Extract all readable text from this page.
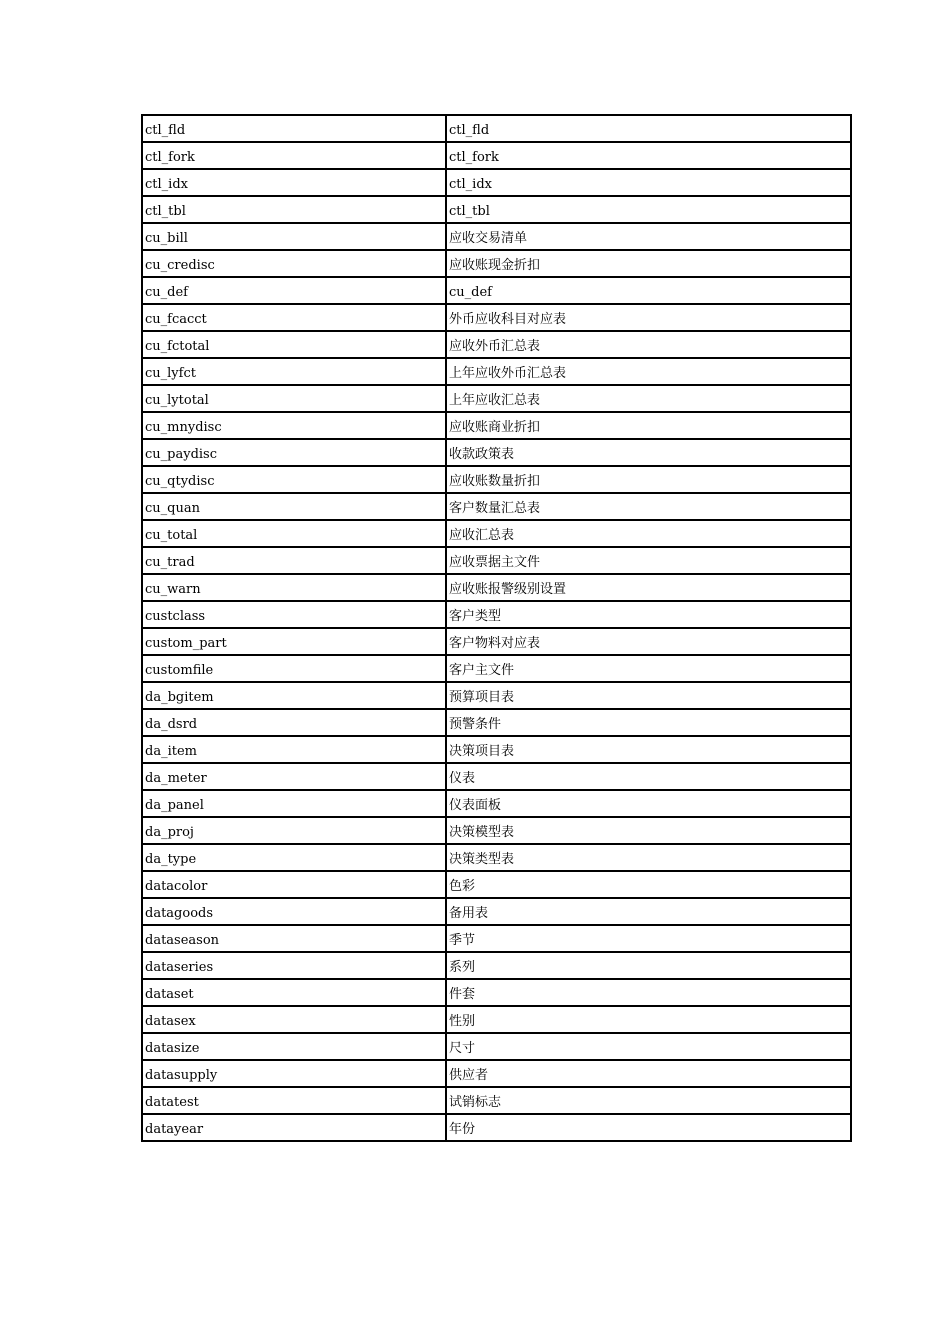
ctl_fld	ctl_fld
ctl_fork	ctl_fork
ctl_idx	ctl_idx
ctl_tbl	ctl_tbl
cu_bill	应收交易清单
cu_credisc	应收账现金折扣
cu_def	cu_def
cu_fcacct	外币应收科目对应表
cu_fctotal	应收外币汇总表
cu_lyfct	上年应收外币汇总表
cu_lytotal	上年应收汇总表
cu_mnydisc	应收账商业折扣
cu_paydisc	收款政策表
cu_qtydisc	应收账数量折扣
cu_quan	客户数量汇总表
cu_total	应收汇总表
cu_trad	应收票据主文件
cu_warn	应收账报警级别设置
custclass	客户类型
custom_part	客户物料对应表
customfile	客户主文件
da_bgitem	预算项目表
da_dsrd	预警条件
da_item	决策项目表
da_meter	仪表
da_panel	仪表面板
da_proj	决策模型表
da_type	决策类型表
datacolor	色彩
datagoods	备用表
dataseason	季节
dataseries	系列
dataset	件套
datasex	性别
datasize	尺寸
datasupply	供应者
datatest	试销标志
datayear	年份
